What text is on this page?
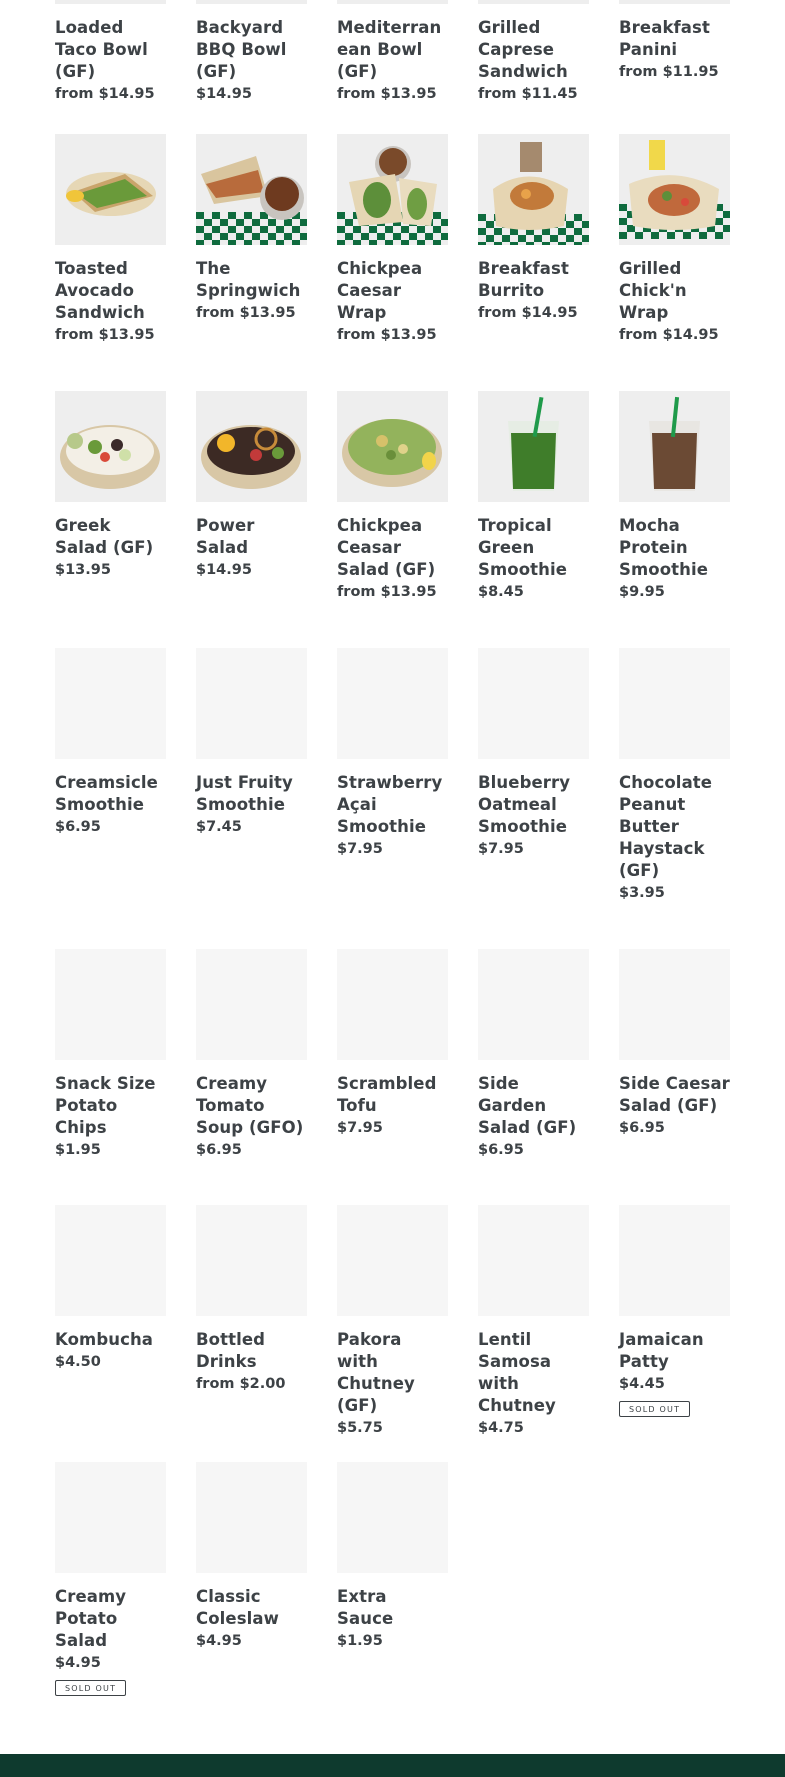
Loaded Taco Bowl (GF)
from $14.95
Backyard BBQ Bowl (GF)
$14.95
Mediterranean Bowl (GF)
from $13.95
Grilled Caprese Sandwich
from $11.45
Breakfast Panini
from $11.95
Toasted Avocado Sandwich
from $13.95
The Springwich
from $13.95
Chickpea Caesar Wrap
from $13.95
Breakfast Burrito
from $14.95
Grilled Chick'n Wrap
from $14.95
Greek Salad (GF)
$13.95
Power Salad
$14.95
Chickpea Ceasar Salad (GF)
from $13.95
Tropical Green Smoothie
$8.45
Mocha Protein Smoothie
$9.95
Creamsicle Smoothie
$6.95
Just Fruity Smoothie
$7.45
Strawberry Açai Smoothie
$7.95
Blueberry Oatmeal Smoothie
$7.95
Chocolate Peanut Butter Haystack (GF)
$3.95
Snack Size Potato Chips
$1.95
Creamy Tomato Soup (GFO)
$6.95
Scrambled Tofu
$7.95
Side Garden Salad (GF)
$6.95
Side Caesar Salad (GF)
$6.95
Kombucha
$4.50
Bottled Drinks
from $2.00
Pakora with Chutney (GF)
$5.75
Lentil Samosa with Chutney
$4.75
Jamaican Patty
$4.45
SOLD OUT
Creamy Potato Salad
$4.95
SOLD OUT
Classic Coleslaw
$4.95
Extra Sauce
$1.95
